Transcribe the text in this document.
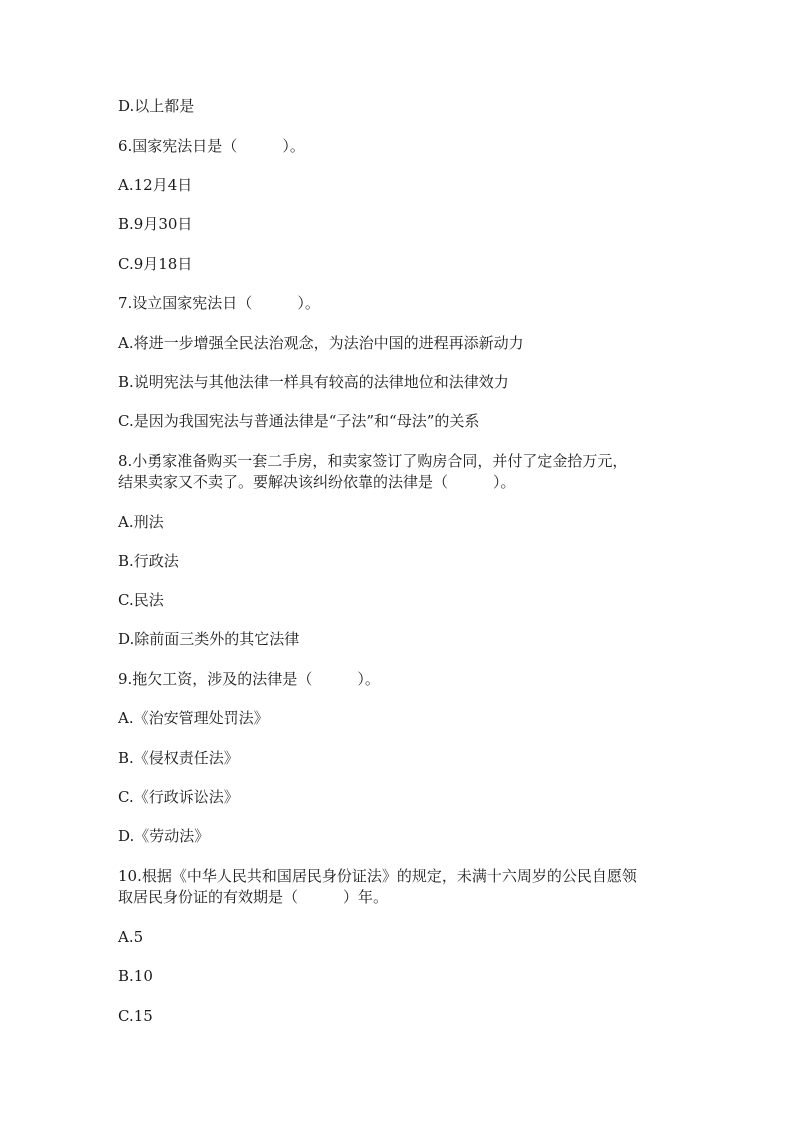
D.以上都是
6.国家宪法日是（　　　）。
A.12月4日
B.9月30日
C.9月18日
7.设立国家宪法日（　　　）。
A.将进一步增强全民法治观念，为法治中国的进程再添新动力
B.说明宪法与其他法律一样具有较高的法律地位和法律效力
C.是因为我国宪法与普通法律是“子法”和“母法”的关系
8.小勇家准备购买一套二手房，和卖家签订了购房合同，并付了定金拾万元，
结果卖家又不卖了。要解决该纠纷依靠的法律是（　　　）。
A.刑法
B.行政法
C.民法
D.除前面三类外的其它法律
9.拖欠工资，涉及的法律是（　　　）。
A.《治安管理处罚法》
B.《侵权责任法》
C.《行政诉讼法》
D.《劳动法》
10.根据《中华人民共和国居民身份证法》的规定，未满十六周岁的公民自愿领
取居民身份证的有效期是（　　　）年。
A.5
B.10
C.15
